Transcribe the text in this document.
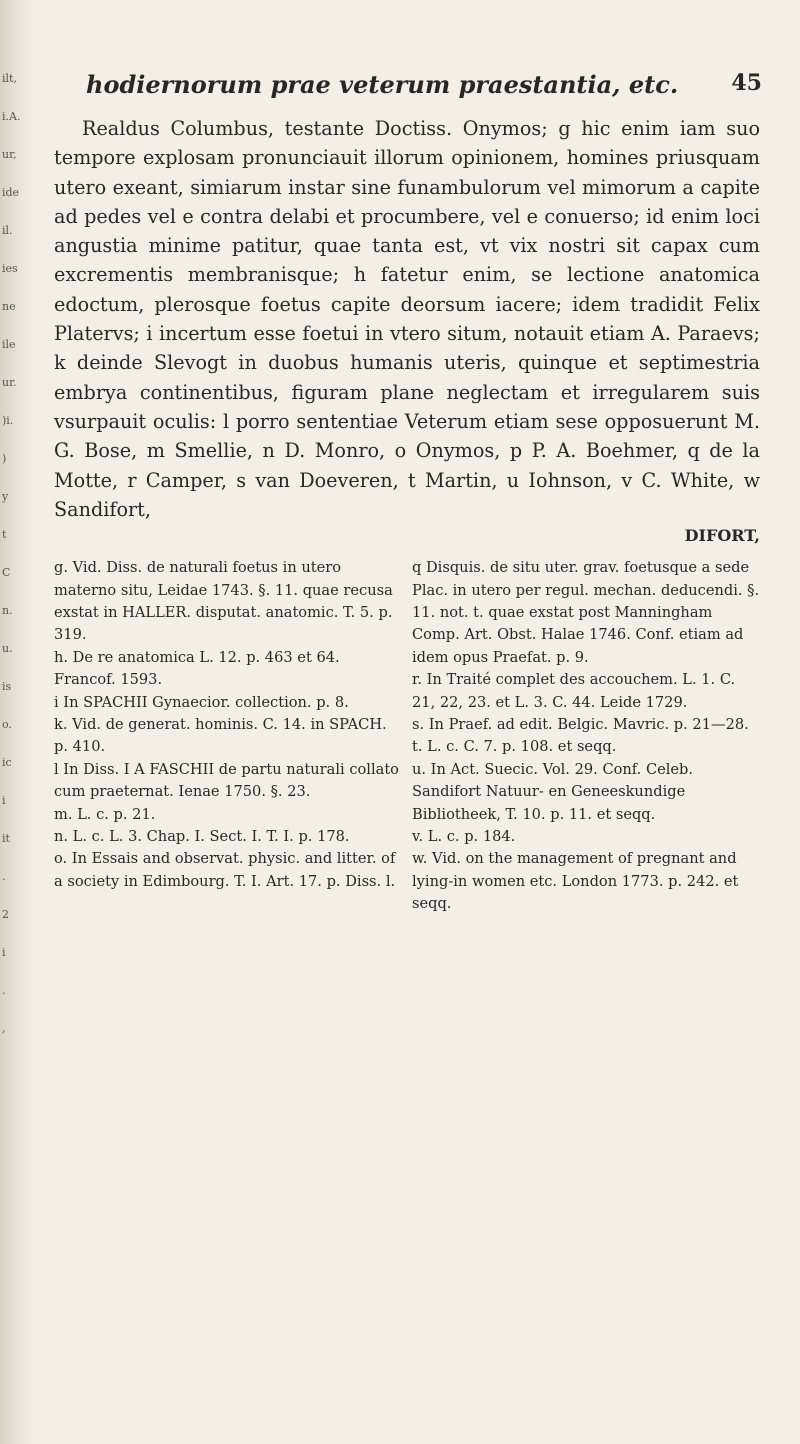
ilt,
i.A.
ur,
ide
il.
ies
ne
ile
ur.
)i.
)
y
t
C
n.
u.
is
o.
ic
i
it
.
2
i
.
,
hodiernorum prae veterum praestantia, etc. 45

Realdus Columbus, testante Doctiss. Onymos; g hic enim iam suo tempore explosam pronunciauit illorum opinionem, homines priusquam utero exeant, simiarum instar sine funambulorum vel mimorum a capite ad pedes vel e contra delabi et procumbere, vel e conuerso; id enim loci angustia minime patitur, quae tanta est, vt vix nostri sit capax cum excrementis membranisque; h fatetur enim, se lectione anatomica edoctum, plerosque foetus capite deorsum iacere; idem tradidit Felix Platervs; i incertum esse foetui in vtero situm, notauit etiam A. Paraevs; k deinde Slevogt in duobus humanis uteris, quinque et septimestria embrya continentibus, figuram plane neglectam et irregularem suis vsurpauit oculis: l porro sententiae Veterum etiam sese opposuerunt M. G. Bose, m Smellie, n D. Monro, o Onymos, p P. A. Boehmer, q de la Motte, r Camper, s van Doeveren, t Martin, u Iohnson, v C. White, w Sandifort,

DIFORT,

g. Vid. Diss. de naturali foetus in utero materno situ, Leidae 1743. §. 11. quae recusa exstat in HALLER. disputat. anatomic. T. 5. p. 319.

h. De re anatomica L. 12. p. 463 et 64. Francof. 1593.

i In SPACHII Gynaecior. collection. p. 8.

k. Vid. de generat. hominis. C. 14. in SPACH. p. 410.

l In Diss. I A FASCHII de partu naturali collato cum praeternat. Ienae 1750. §. 23.

m. L. c. p. 21.

n. L. c. L. 3. Chap. I. Sect. I. T. I. p. 178.

o. In Essais and observat. physic. and litter. of a society in Edimbourg. T. I. Art. 17. p. Diss. l.

q Disquis. de situ uter. grav. foetusque a sede Plac. in utero per regul. mechan. deducendi. §. 11. not. t. quae exstat post Manningham Comp. Art. Obst. Halae 1746. Conf. etiam ad idem opus Praefat. p. 9.

r. In Traité complet des accouchem. L. 1. C. 21, 22, 23. et L. 3. C. 44. Leide 1729.

s. In Praef. ad edit. Belgic. Mavric. p. 21—28.

t. L. c. C. 7. p. 108. et seqq.

u. In Act. Suecic. Vol. 29. Conf. Celeb. Sandifort Natuur- en Geneeskundige Bibliotheek, T. 10. p. 11. et seqq.

v. L. c. p. 184.

w. Vid. on the management of pregnant and lying-in women etc. London 1773. p. 242. et seqq.
